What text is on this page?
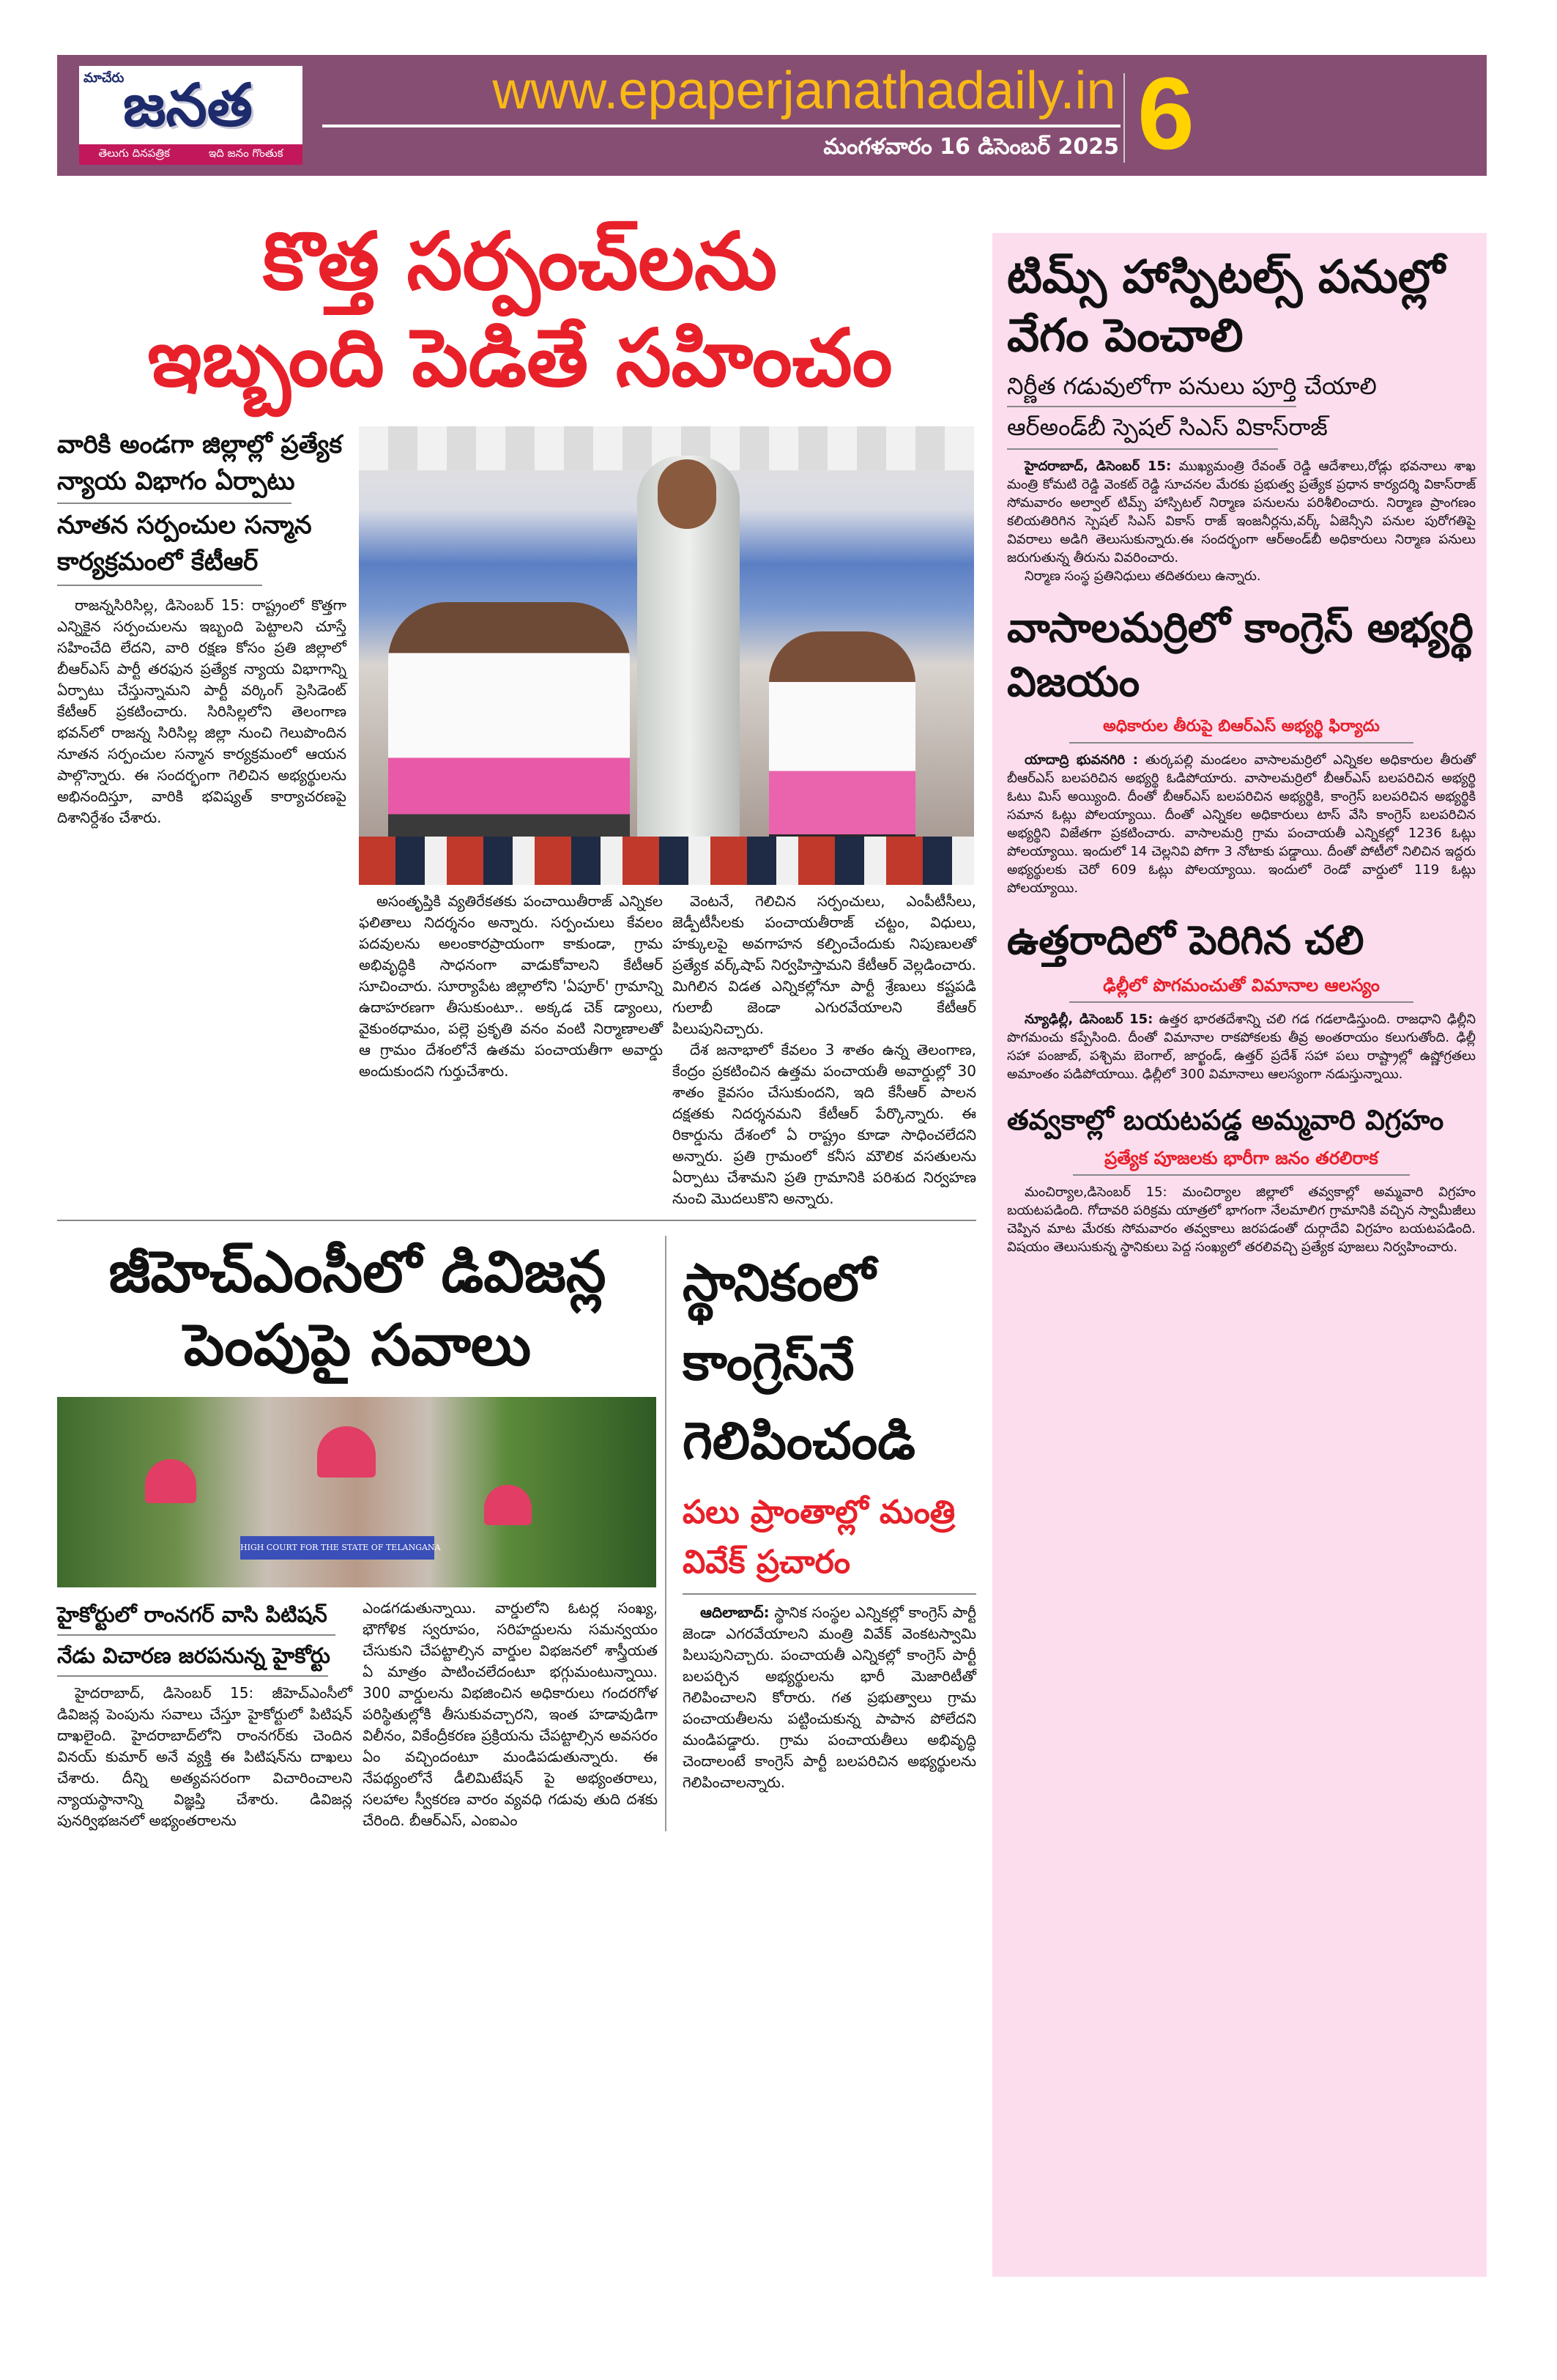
మాచేరు
జనత
తెలుగు దినపత్రిక	ఇది జనం గొంతుక
www.epaperjanathadaily.in
మంగళవారం 16 డిసెంబర్ 2025 6
కొత్త సర్పంచ్‌లను
ఇబ్బంది పెడితే సహించం
వారికి అండగా జిల్లాల్లో ప్రత్యేక న్యాయ విభాగం ఏర్పాటు
నూతన సర్పంచుల సన్మాన కార్యక్రమంలో కేటీఆర్
రాజన్నసిరిసిల్ల, డిసెంబర్ 15: రాష్ట్రంలో కొత్తగా ఎన్నికైన సర్పంచులను ఇబ్బంది పెట్టాలని చూస్తే సహించేది లేదని, వారి రక్షణ కోసం ప్రతి జిల్లాలో బీఆర్ఎస్ పార్టీ తరఫున ప్రత్యేక న్యాయ విభాగాన్ని ఏర్పాటు చేస్తున్నామని పార్టీ వర్కింగ్ ప్రెసిడెంట్ కేటీఆర్ ప్రకటించారు. సిరిసిల్లలోని తెలంగాణ భవన్‌లో రాజన్న సిరిసిల్ల జిల్లా నుంచి గెలుపొందిన నూతన సర్పంచుల సన్మాన కార్యక్రమంలో ఆయన పాల్గొన్నారు. ఈ సందర్భంగా గెలిచిన అభ్యర్థులను అభినందిస్తూ, వారికి భవిష్యత్ కార్యాచరణపై దిశానిర్దేశం చేశారు.
అసంతృప్తికి వ్యతిరేకతకు పంచాయితీరాజ్ ఎన్నికల ఫలితాలు నిదర్శనం అన్నారు. సర్పంచులు కేవలం పదవులను అలంకారప్రాయంగా కాకుండా, గ్రామ అభివృద్ధికి సాధనంగా వాడుకోవాలని కేటీఆర్ సూచించారు. సూర్యాపేట జిల్లాలోని 'ఏపూర్' గ్రామాన్ని ఉదాహరణగా తీసుకుంటూ.. అక్కడ చెక్ డ్యాంలు, వైకుంఠధామం, పల్లె ప్రకృతి వనం వంటి నిర్మాణాలతో ఆ గ్రామం దేశంలోనే ఉతమ పంచాయతీగా అవార్డు అందుకుందని గుర్తుచేశారు.
వెంటనే, గెలిచిన సర్పంచులు, ఎంపీటీసీలు, జెడ్పీటీసీలకు పంచాయతీరాజ్ చట్టం, విధులు, హక్కులపై అవగాహన కల్పించేందుకు నిపుణులతో ప్రత్యేక వర్క్‌షాప్ నిర్వహిస్తామని కేటీఆర్ వెల్లడించారు. మిగిలిన విడత ఎన్నికల్లోనూ పార్టీ శ్రేణులు కష్టపడి గులాబీ జెండా ఎగురవేయాలని కేటీఆర్ పిలుపునిచ్చారు.
దేశ జనాభాలో కేవలం 3 శాతం ఉన్న తెలంగాణ, కేంద్రం ప్రకటించిన ఉత్తమ పంచాయతీ అవార్డుల్లో 30 శాతం కైవసం చేసుకుందని, ఇది కేసీఆర్ పాలన దక్షతకు నిదర్శనమని కేటీఆర్ పేర్కొన్నారు. ఈ రికార్డును దేశంలో ఏ రాష్ట్రం కూడా సాధించలేదని అన్నారు. ప్రతి గ్రామంలో కనీస మౌలిక వసతులను ఏర్పాటు చేశామని ప్రతి గ్రామానికి పరిశుద నిర్వహణ నుంచి మొదలుకొని అన్నారు.
జీహెచ్‌ఎంసీలో డివిజన్ల
పెంపుపై సవాలు
HIGH COURT FOR THE STATE OF TELANGANA
హైకోర్టులో రాంనగర్ వాసి పిటిషన్
నేడు విచారణ జరపనున్న హైకోర్టు
హైదరాబాద్, డిసెంబర్ 15: జీహెచ్‌ఎంసీలో డివిజన్ల పెంపును సవాలు చేస్తూ హైకోర్టులో పిటిషన్ దాఖలైంది. హైదరాబాద్‌లోని రాంనగర్‌కు చెందిన వినయ్ కుమార్ అనే వ్యక్తి ఈ పిటిషన్‌ను దాఖలు చేశారు. దీన్ని అత్యవసరంగా విచారించాలని న్యాయస్థానాన్ని విజ్ఞప్తి చేశారు. డివిజన్ల పునర్విభజనలో అభ్యంతరాలను
ఎండగడుతున్నాయి. వార్డులోని ఓటర్ల సంఖ్య, భౌగోళిక స్వరూపం, సరిహద్దులను సమన్వయం చేసుకుని చేపట్టాల్సిన వార్డుల విభజనలో శాస్త్రీయత ఏ మాత్రం పాటించలేదంటూ భగ్గుమంటున్నాయి. 300 వార్డులను విభజించిన అధికారులు గందరగోళ పరిస్థితుల్లోకి తీసుకువచ్చారని, ఇంత హడావుడిగా విలీనం, వికేంద్రీకరణ ప్రక్రియను చేపట్టాల్సిన అవసరం ఏం వచ్చిందంటూ మండిపడుతున్నారు. ఈ నేపథ్యంలోనే డీలిమిటేషన్ పై అభ్యంతరాలు, సలహాల స్వీకరణ వారం వ్యవధి గడువు తుది దశకు చేరింది. బీఆర్ఎస్, ఎంఐఎం
స్థానికంలో కాంగ్రెస్‌నే గెలిపించండి
పలు ప్రాంతాల్లో మంత్రి వివేక్ ప్రచారం
ఆదిలాబాద్: స్థానిక సంస్థల ఎన్నికల్లో కాంగ్రెస్ పార్టీ జెండా ఎగరవేయాలని మంత్రి వివేక్ వెంకటస్వామి పిలుపునిచ్చారు. పంచాయతీ ఎన్నికల్లో కాంగ్రెస్ పార్టీ బలపర్చిన అభ్యర్థులను భారీ మెజారిటీతో గెలిపించాలని కోరారు. గత ప్రభుత్వాలు గ్రామ పంచాయతీలను పట్టించుకున్న పాపాన పోలేదని మండిపడ్డారు. గ్రామ పంచాయతీలు అభివృద్ధి చెందాలంటే కాంగ్రెస్ పార్టీ బలపరిచిన అభ్యర్థులను గెలిపించాలన్నారు.
టిమ్స్ హాస్పిటల్స్ పనుల్లో వేగం పెంచాలి
నిర్ణీత గడువులోగా పనులు పూర్తి చేయాలి
ఆర్‌అండ్‌బీ స్పెషల్ సిఎస్ వికాస్‌రాజ్
హైదరాబాద్, డిసెంబర్ 15: ముఖ్యమంత్రి రేవంత్ రెడ్డి ఆదేశాలు,రోడ్లు భవనాలు శాఖ మంత్రి కోమటి రెడ్డి వెంకట్ రెడ్డి సూచనల మేరకు ప్రభుత్వ ప్రత్యేక ప్రధాన కార్యదర్శి వికాస్‌రాజ్ సోమవారం అల్వాల్ టిమ్స్ హాస్పిటల్ నిర్మాణ పనులను పరిశీలించారు. నిర్మాణ ప్రాంగణం కలియతిరిగిన స్పెషల్ సిఎస్ వికాస్ రాజ్ ఇంజనీర్లను,వర్క్ ఏజెన్సీని పనుల పురోగతిపై వివరాలు అడిగి తెలుసుకున్నారు.ఈ సందర్భంగా ఆర్‌అండ్‌బీ అధికారులు నిర్మాణ పనులు జరుగుతున్న తీరును వివరించారు.
నిర్మాణ సంస్థ ప్రతినిధులు తదితరులు ఉన్నారు.
వాసాలమర్రిలో కాంగ్రెస్ అభ్యర్థి విజయం
అధికారుల తీరుపై బిఆర్ఎస్ అభ్యర్థి ఫిర్యాదు
యాదాద్రి భువనగిరి : తుర్కపల్లి మండలం వాసాలమర్రిలో ఎన్నికల అధికారుల తీరుతో బీఆర్ఎస్ బలపరిచిన అభ్యర్థి ఓడిపోయారు. వాసాలమర్రిలో బీఆర్ఎస్ బలపరిచిన అభ్యర్థి ఓటు మిస్ అయ్యింది. దీంతో బీఆర్ఎస్ బలపరిచిన అభ్యర్థికి, కాంగ్రెస్ బలపరిచిన అభ్యర్థికి సమాన ఓట్లు పోలయ్యాయి. దీంతో ఎన్నికల అధికారులు టాస్ వేసి కాంగ్రెస్ బలపరిచిన అభ్యర్థిని విజేతగా ప్రకటించారు. వాసాలమర్రి గ్రామ పంచాయతీ ఎన్నికల్లో 1236 ఓట్లు పోలయ్యాయి. ఇందులో 14 చెల్లనివి పోగా 3 నోటాకు పడ్డాయి. దీంతో పోటీలో నిలిచిన ఇద్దరు అభ్యర్థులకు చెరో 609 ఓట్లు పోలయ్యాయి. ఇందులో రెండో వార్డులో 119 ఓట్లు పోలయ్యాయి.
ఉత్తరాదిలో పెరిగిన చలి
ఢిల్లీలో పొగమంచుతో విమానాల ఆలస్యం
న్యూఢిల్లీ, డిసెంబర్ 15: ఉత్తర భారతదేశాన్ని చలి గడ గడలాడిస్తుంది. రాజధాని ఢిల్లీని పొగమంచు కప్పేసింది. దీంతో విమానాల రాకపోకలకు తీవ్ర అంతరాయం కలుగుతోంది. ఢిల్లీ సహా పంజాబ్, పశ్చిమ బెంగాల్, జార్ఖండ్, ఉత్తర్ ప్రదేశ్ సహా పలు రాష్ట్రాల్లో ఉష్ణోగ్రతలు అమాంతం పడిపోయాయి. ఢిల్లీలో 300 విమానాలు ఆలస్యంగా నడుస్తున్నాయి.
తవ్వకాల్లో బయటపడ్డ అమ్మవారి విగ్రహం
ప్రత్యేక పూజలకు భారీగా జనం తరలిరాక
మంచిర్యాల,డిసెంబర్ 15: మంచిర్యాల జిల్లాలో తవ్వకాల్లో అమ్మవారి విగ్రహం బయటపడింది. గోదావరి పరిక్రమ యాత్రలో భాగంగా నేలమాలిగ గ్రామానికి వచ్చిన స్వామీజీలు చెప్పిన మాట మేరకు సోమవారం తవ్వకాలు జరపడంతో దుర్గాదేవి విగ్రహం బయటపడింది. విషయం తెలుసుకున్న స్థానికులు పెద్ద సంఖ్యలో తరలివచ్చి ప్రత్యేక పూజలు నిర్వహించారు.
